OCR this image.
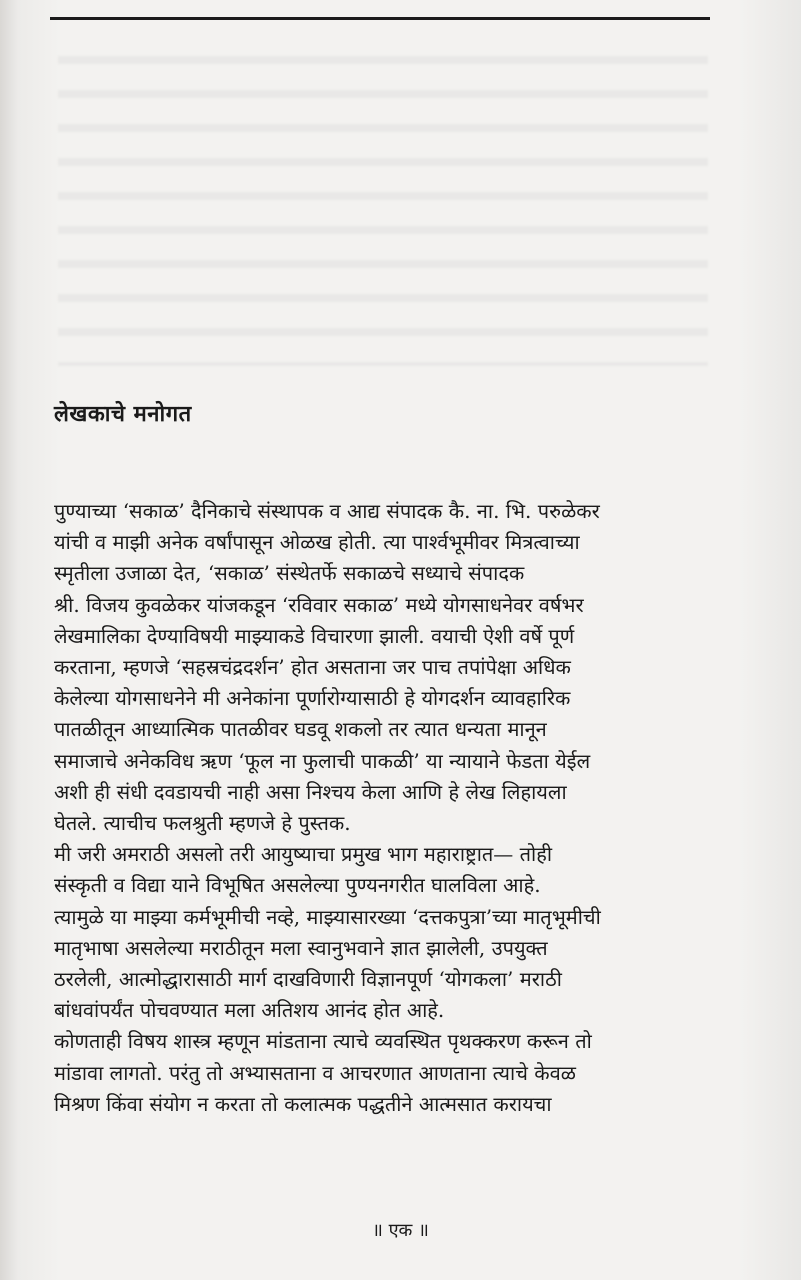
लेखकाचे मनोगत
पुण्याच्या ‘सकाळ’ दैनिकाचे संस्थापक व आद्य संपादक कै. ना. भि. परुळेकर
यांची व माझी अनेक वर्षांपासून ओळख होती. त्या पार्श्वभूमीवर मित्रत्वाच्या
स्मृतीला उजाळा देत, ‘सकाळ’ संस्थेतर्फे सकाळचे सध्याचे संपादक
श्री. विजय कुवळेकर यांजकडून ‘रविवार सकाळ’ मध्ये योगसाधनेवर वर्षभर
लेखमालिका देण्याविषयी माझ्याकडे विचारणा झाली. वयाची ऐशी वर्षे पूर्ण
करताना, म्हणजे ‘सहस्रचंद्रदर्शन’ होत असताना जर पाच तपांपेक्षा अधिक
केलेल्या योगसाधनेने मी अनेकांना पूर्णारोग्यासाठी हे योगदर्शन व्यावहारिक
पातळीतून आध्यात्मिक पातळीवर घडवू शकलो तर त्यात धन्यता मानून
समाजाचे अनेकविध ऋण ‘फूल ना फुलाची पाकळी’ या न्यायाने फेडता येईल
अशी ही संधी दवडायची नाही असा निश्चय केला आणि हे लेख लिहायला
घेतले. त्याचीच फलश्रुती म्हणजे हे पुस्तक.
मी जरी अमराठी असलो तरी आयुष्याचा प्रमुख भाग महाराष्ट्रात— तोही
संस्कृती व विद्या याने विभूषित असलेल्या पुण्यनगरीत घालविला आहे.
त्यामुळे या माझ्या कर्मभूमीची नव्हे, माझ्यासारख्या ‘दत्तकपुत्रा’च्या मातृभूमीची
मातृभाषा असलेल्या मराठीतून मला स्वानुभवाने ज्ञात झालेली, उपयुक्त
ठरलेली, आत्मोद्धारासाठी मार्ग दाखविणारी विज्ञानपूर्ण ‘योगकला’ मराठी
बांधवांपर्यंत पोचवण्यात मला अतिशय आनंद होत आहे.
कोणताही विषय शास्त्र म्हणून मांडताना त्याचे व्यवस्थित पृथक्करण करून तो
मांडावा लागतो. परंतु तो अभ्यासताना व आचरणात आणताना त्याचे केवळ
मिश्रण किंवा संयोग न करता तो कलात्मक पद्धतीने आत्मसात करायचा
॥ एक ॥
